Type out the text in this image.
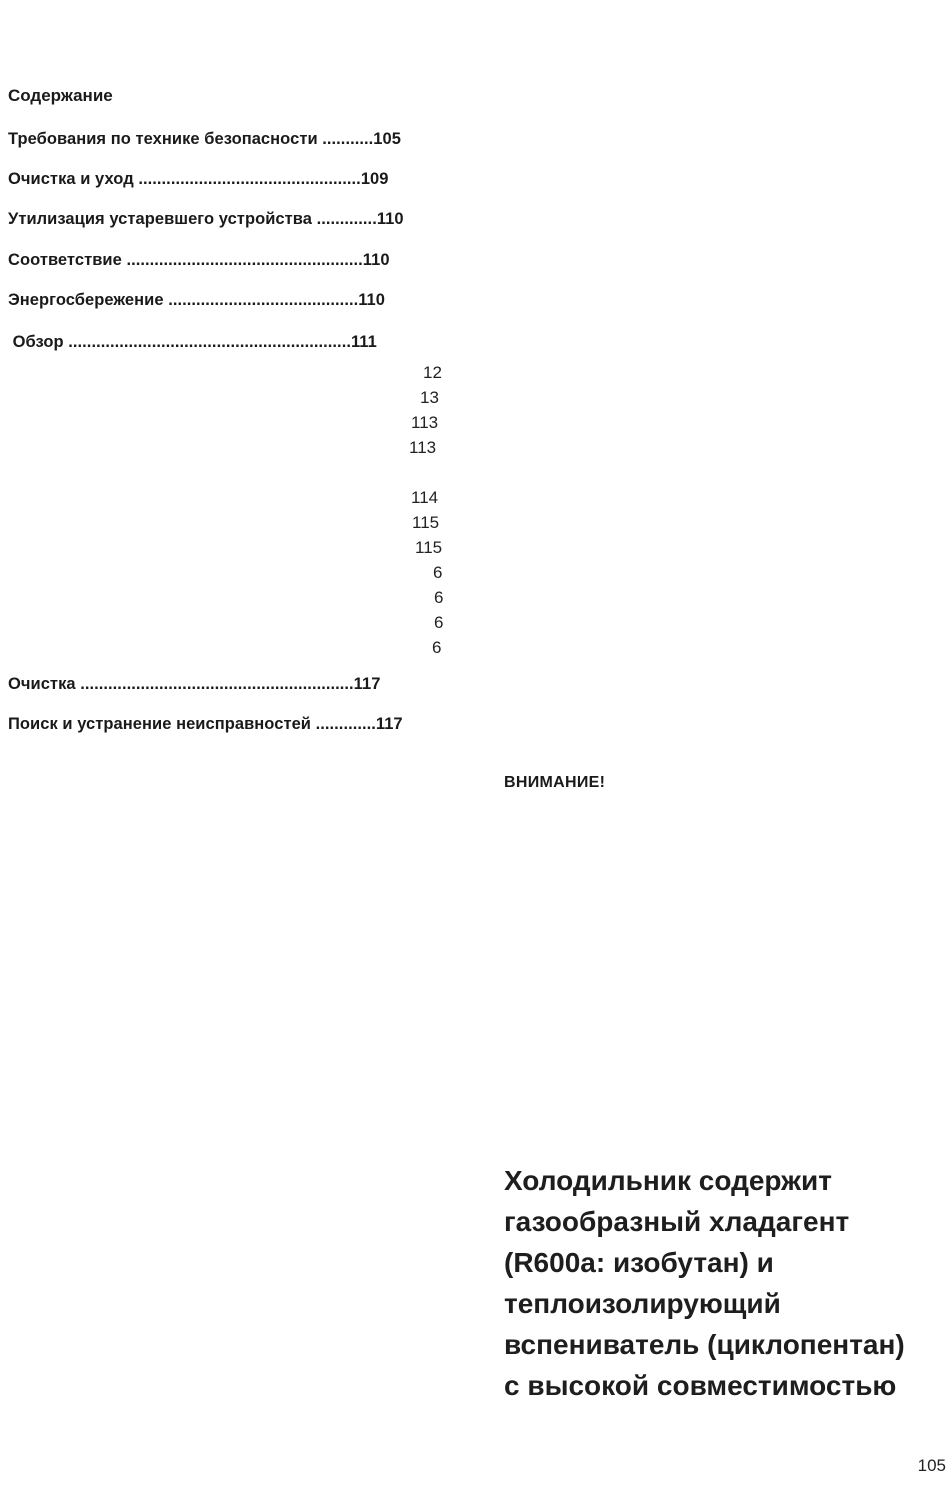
Содержание
Требования по технике безопасности ...........105
Очистка и уход ................................................109
Утилизация устаревшего устройства .............110
Соответствие ...................................................110
Энергосбережение .........................................110
Обзор .............................................................111
12
13
113
113
114
115
115
6
6
6
6
Очистка ...........................................................117
Поиск и устранение неисправностей .............117
ВНИМАНИЕ!
Холодильник содержит
газообразный хладагент
(R600a: изобутан) и
теплоизолирующий
вспениватель (циклопентан)
с высокой совместимостью
105
